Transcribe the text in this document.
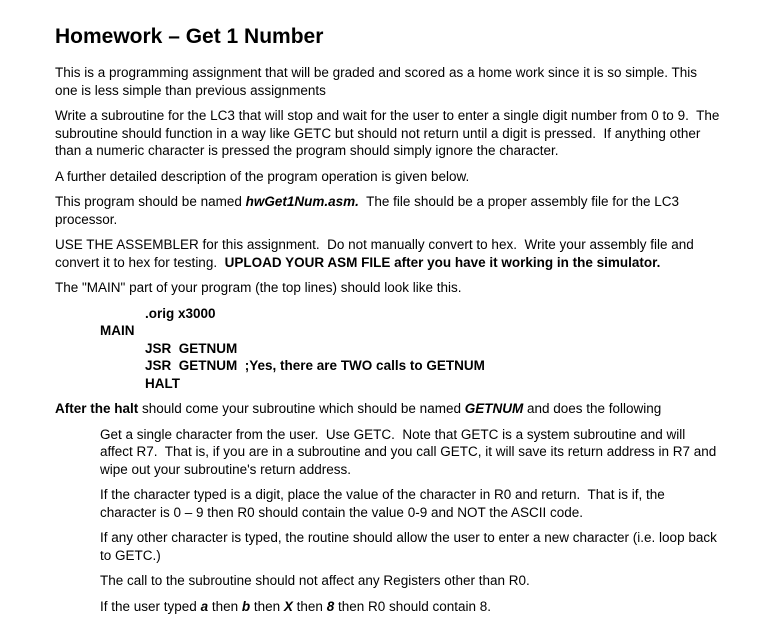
Homework – Get 1 Number

This is a programming assignment that will be graded and scored as a home work since it is so simple. This one is less simple than previous assignments

Write a subroutine for the LC3 that will stop and wait for the user to enter a single digit number from 0 to 9.  The subroutine should function in a way like GETC but should not return until a digit is pressed.  If anything other than a numeric character is pressed the program should simply ignore the character.

A further detailed description of the program operation is given below.

This program should be named hwGet1Num.asm.  The file should be a proper assembly file for the LC3 processor.

USE THE ASSEMBLER for this assignment.  Do not manually convert to hex.  Write your assembly file and convert it to hex for testing.  UPLOAD YOUR ASM FILE after you have it working in the simulator.

The "MAIN" part of your program (the top lines) should look like this.

.orig x3000
MAIN
JSR  GETNUM
JSR  GETNUM  ;Yes, there are TWO calls to GETNUM
HALT

After the halt should come your subroutine which should be named GETNUM and does the following

Get a single character from the user.  Use GETC.  Note that GETC is a system subroutine and will affect R7.  That is, if you are in a subroutine and you call GETC, it will save its return address in R7 and wipe out your subroutine's return address.

If the character typed is a digit, place the value of the character in R0 and return.  That is if, the character is 0 – 9 then R0 should contain the value 0-9 and NOT the ASCII code.

If any other character is typed, the routine should allow the user to enter a new character (i.e. loop back to GETC.)

The call to the subroutine should not affect any Registers other than R0.

If the user typed a then b then X then 8 then R0 should contain 8.
